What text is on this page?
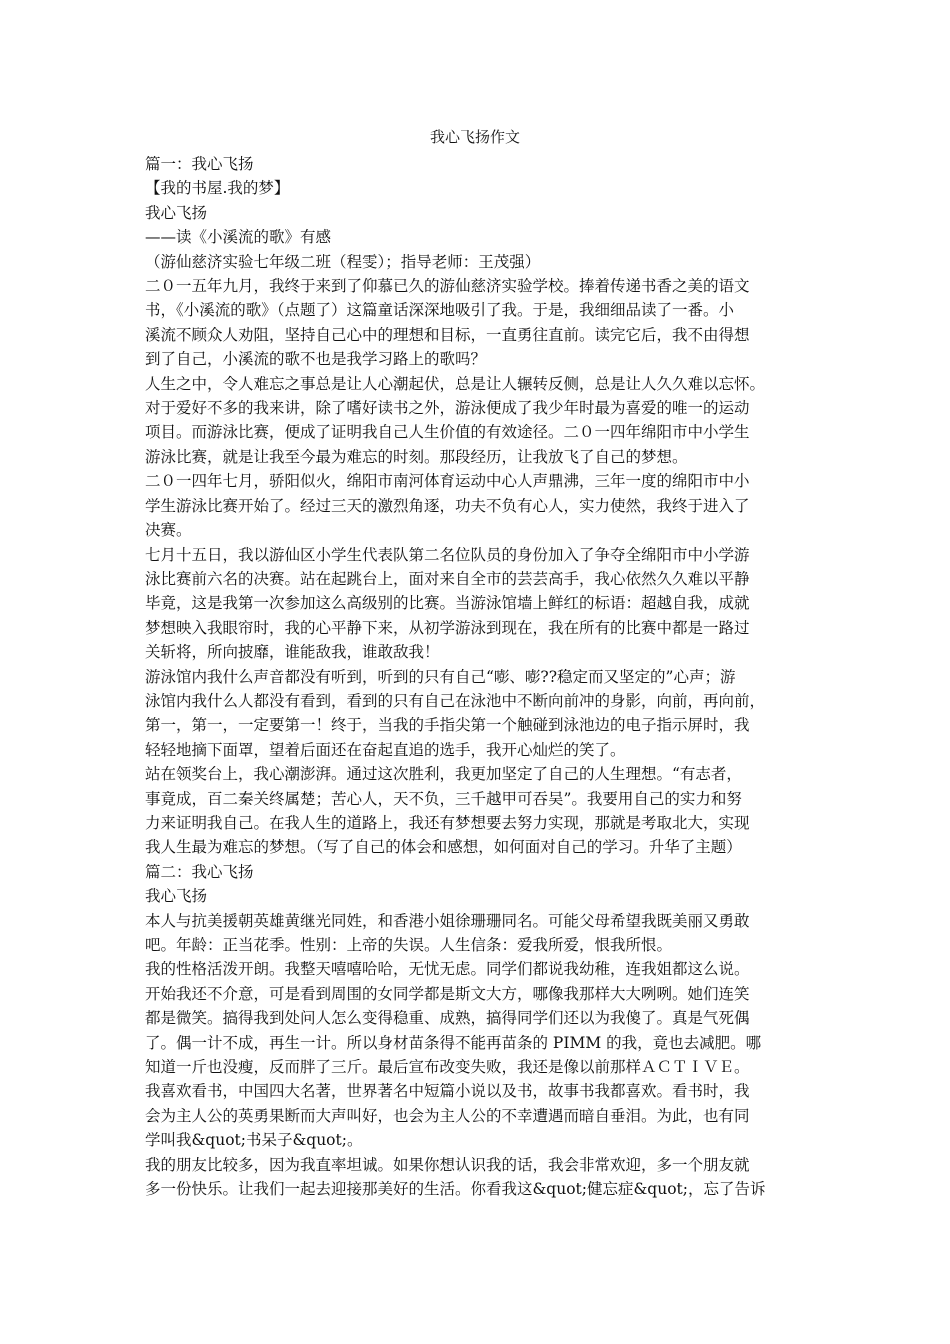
我心飞扬作文
篇一：我心飞扬
【我的书屋.我的梦】
我心飞扬
——读《小溪流的歌》有感
（游仙慈济实验七年级二班（程雯）；指导老师：王茂强）
二０一五年九月，我终于来到了仰慕已久的游仙慈济实验学校。捧着传递书香之美的语文
书，《小溪流的歌》（点题了）这篇童话深深地吸引了我。于是，我细细品读了一番。小
溪流不顾众人劝阻，坚持自己心中的理想和目标，一直勇往直前。读完它后，我不由得想
到了自己，小溪流的歌不也是我学习路上的歌吗？
人生之中，令人难忘之事总是让人心潮起伏，总是让人辗转反侧，总是让人久久难以忘怀。
对于爱好不多的我来讲，除了嗜好读书之外，游泳便成了我少年时最为喜爱的唯一的运动
项目。而游泳比赛，便成了证明我自己人生价值的有效途径。二０一四年绵阳市中小学生
游泳比赛，就是让我至今最为难忘的时刻。那段经历，让我放飞了自己的梦想。
二０一四年七月，骄阳似火，绵阳市南河体育运动中心人声鼎沸，三年一度的绵阳市中小
学生游泳比赛开始了。经过三天的激烈角逐，功夫不负有心人，实力使然，我终于进入了
决赛。
七月十五日，我以游仙区小学生代表队第二名位队员的身份加入了争夺全绵阳市中小学游
泳比赛前六名的决赛。站在起跳台上，面对来自全市的芸芸高手，我心依然久久难以平静
毕竟，这是我第一次参加这么高级别的比赛。当游泳馆墙上鲜红的标语：超越自我，成就
梦想映入我眼帘时，我的心平静下来，从初学游泳到现在，我在所有的比赛中都是一路过
关斩将，所向披靡，谁能敌我，谁敢敌我！
游泳馆内我什么声音都没有听到，听到的只有自己“嘭、嘭??稳定而又坚定的”心声；游
泳馆内我什么人都没有看到，看到的只有自己在泳池中不断向前冲的身影，向前，再向前，
第一，第一，一定要第一！终于，当我的手指尖第一个触碰到泳池边的电子指示屏时，我
轻轻地摘下面罩，望着后面还在奋起直追的选手，我开心灿烂的笑了。
站在领奖台上，我心潮澎湃。通过这次胜利，我更加坚定了自己的人生理想。“有志者，
事竟成，百二秦关终属楚；苦心人，天不负，三千越甲可吞吴”。我要用自己的实力和努
力来证明我自己。在我人生的道路上，我还有梦想要去努力实现，那就是考取北大，实现
我人生最为难忘的梦想。（写了自己的体会和感想，如何面对自己的学习。升华了主题）
篇二：我心飞扬
我心飞扬
本人与抗美援朝英雄黄继光同姓，和香港小姐徐珊珊同名。可能父母希望我既美丽又勇敢
吧。年龄：正当花季。性别：上帝的失误。人生信条：爱我所爱，恨我所恨。
我的性格活泼开朗。我整天嘻嘻哈哈，无忧无虑。同学们都说我幼稚，连我姐都这么说。
开始我还不介意，可是看到周围的女同学都是斯文大方，哪像我那样大大咧咧。她们连笑
都是微笑。搞得我到处问人怎么变得稳重、成熟，搞得同学们还以为我傻了。真是气死偶
了。偶一计不成，再生一计。所以身材苗条得不能再苗条的 PIMM 的我，竟也去减肥。哪
知道一斤也没瘦，反而胖了三斤。最后宣布改变失败，我还是像以前那样ＡＣＴＩＶＥ。
我喜欢看书，中国四大名著，世界著名中短篇小说以及书，故事书我都喜欢。看书时，我
会为主人公的英勇果断而大声叫好，也会为主人公的不幸遭遇而暗自垂泪。为此，也有同
学叫我&quot;书呆子&quot;。
我的朋友比较多，因为我直率坦诚。如果你想认识我的话，我会非常欢迎，多一个朋友就
多一份快乐。让我们一起去迎接那美好的生活。你看我这&quot;健忘症&quot;，忘了告诉
